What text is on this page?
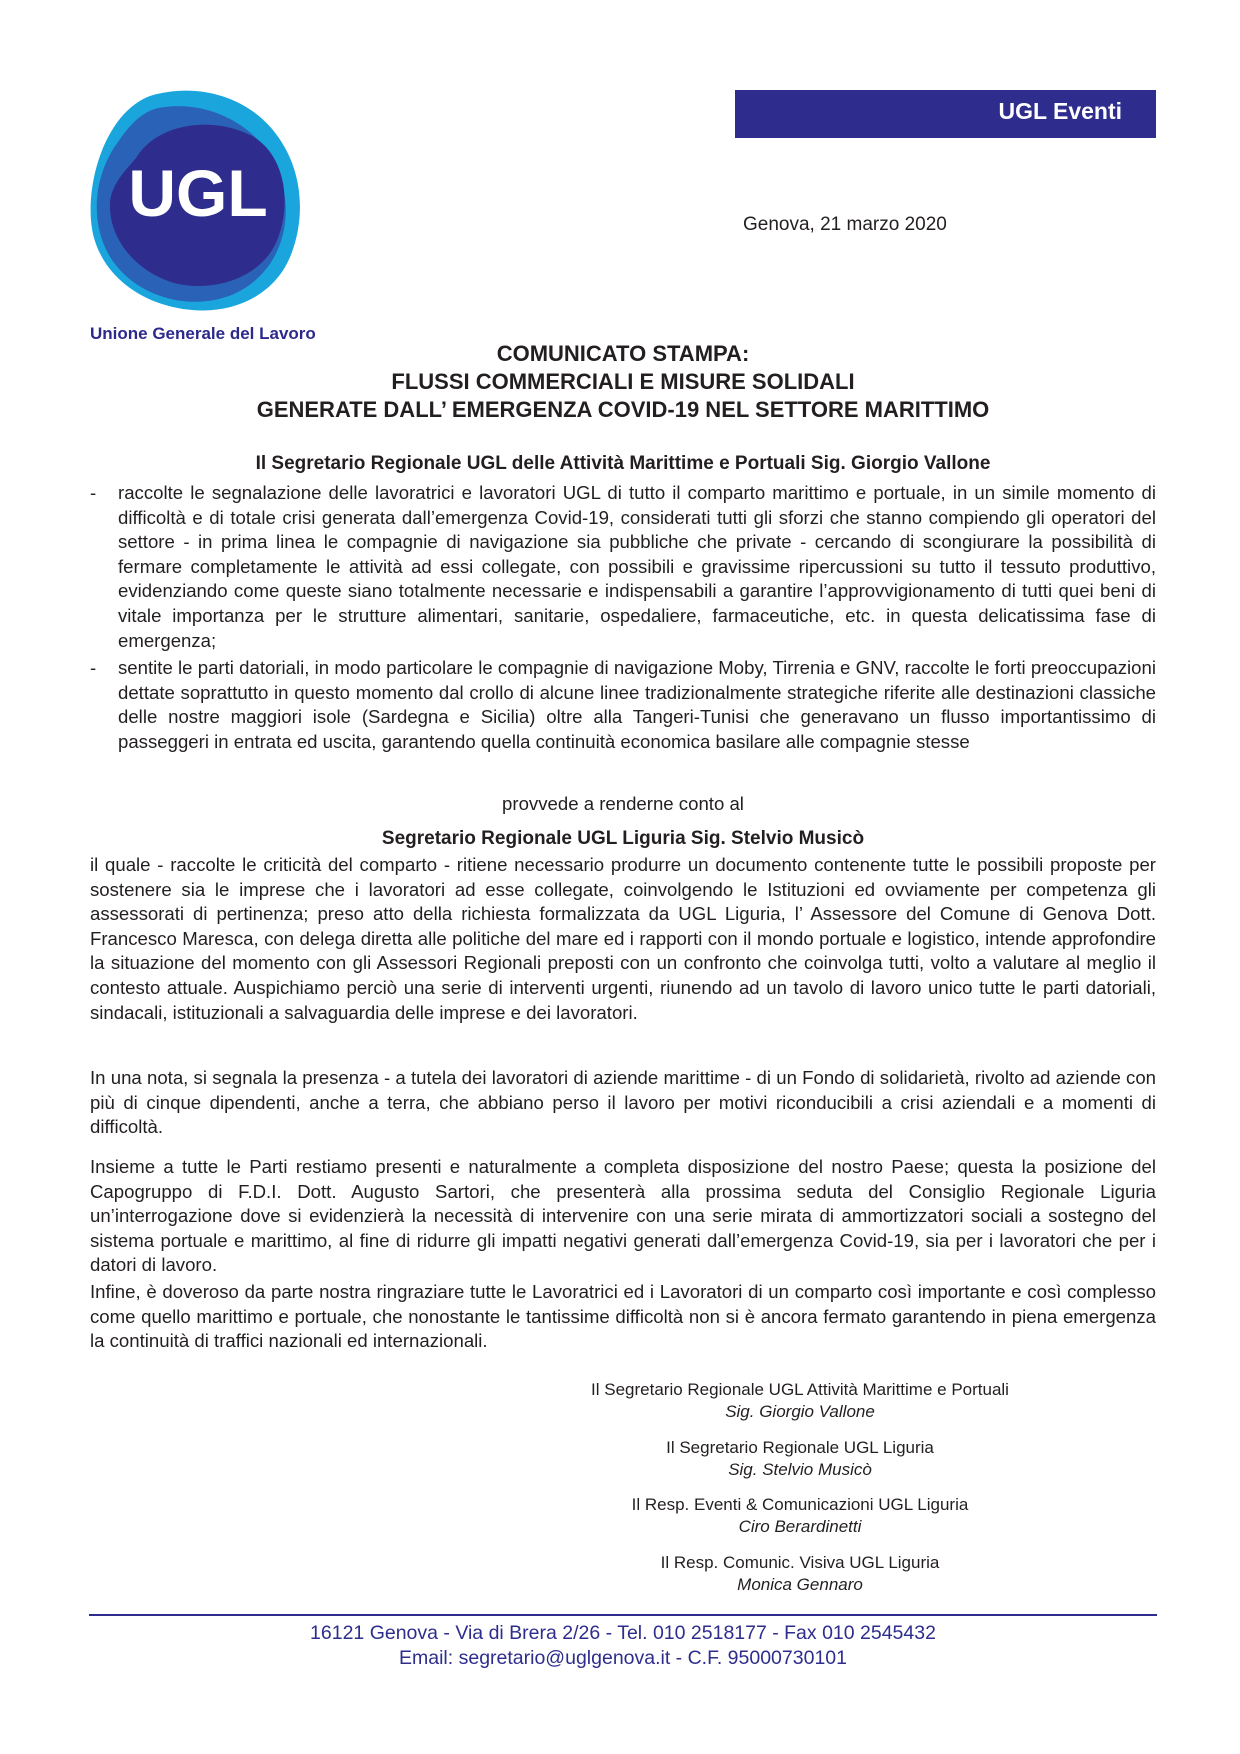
UGL
Unione Generale del Lavoro
UGL Eventi
Genova, 21 marzo 2020
COMUNICATO STAMPA:
FLUSSI COMMERCIALI E MISURE SOLIDALI
GENERATE DALL’ EMERGENZA COVID-19 NEL SETTORE MARITTIMO
Il Segretario Regionale UGL delle Attività Marittime e Portuali Sig. Giorgio Vallone
- raccolte le segnalazione delle lavoratrici e lavoratori UGL di tutto il comparto marittimo e portuale, in un simile momento di difficoltà e di totale crisi generata dall’emergenza Covid-19, considerati tutti gli sforzi che stanno compiendo gli operatori del settore - in prima linea le compagnie di navigazione sia pubbliche che private - cercando di scongiurare la possibilità di fermare completamente le attività ad essi collegate, con possibili e gravissime ripercussioni su tutto il tessuto produttivo, evidenziando come queste siano totalmente necessarie e indispensabili a garantire l’approvvigionamento di tutti quei beni di vitale importanza per le strutture alimentari, sanitarie, ospedaliere, farmaceutiche, etc. in questa delicatissima fase di emergenza;
- sentite le parti datoriali, in modo particolare le compagnie di navigazione Moby, Tirrenia e GNV, raccolte le forti preoccupazioni dettate soprattutto in questo momento dal crollo di alcune linee tradizionalmente strategiche riferite alle destinazioni classiche delle nostre maggiori isole (Sardegna e Sicilia) oltre alla Tangeri-Tunisi che generavano un flusso importantissimo di passeggeri in entrata ed uscita, garantendo quella continuità economica basilare alle compagnie stesse
provvede a renderne conto al
Segretario Regionale UGL Liguria Sig. Stelvio Musicò
il quale - raccolte le criticità del comparto - ritiene necessario produrre un documento contenente tutte le possibili proposte per sostenere sia le imprese che i lavoratori ad esse collegate, coinvolgendo le Istituzioni ed ovviamente per competenza gli assessorati di pertinenza; preso atto della richiesta formalizzata da UGL Liguria, l’ Assessore del Comune di Genova Dott. Francesco Maresca, con delega diretta alle politiche del mare ed i rapporti con il mondo portuale e logistico, intende approfondire la situazione del momento con gli Assessori Regionali preposti con un confronto che coinvolga tutti, volto a valutare al meglio il contesto attuale. Auspichiamo perciò una serie di interventi urgenti, riunendo ad un tavolo di lavoro unico tutte le parti datoriali, sindacali, istituzionali a salvaguardia delle imprese e dei lavoratori.
In una nota, si segnala la presenza - a tutela dei lavoratori di aziende marittime - di un Fondo di solidarietà, rivolto ad aziende con più di cinque dipendenti, anche a terra, che abbiano perso il lavoro per motivi riconducibili a crisi aziendali e a momenti di difficoltà.
Insieme a tutte le Parti restiamo presenti e naturalmente a completa disposizione del nostro Paese; questa la posizione del Capogruppo di F.D.I. Dott. Augusto Sartori, che presenterà alla prossima seduta del Consiglio Regionale Liguria un’interrogazione dove si evidenzierà la necessità di intervenire con una serie mirata di ammortizzatori sociali a sostegno del sistema portuale e marittimo, al fine di ridurre gli impatti negativi generati dall’emergenza Covid-19, sia per i lavoratori che per i datori di lavoro.
Infine, è doveroso da parte nostra ringraziare tutte le Lavoratrici ed i Lavoratori di un comparto così importante e così complesso come quello marittimo e portuale, che nonostante le tantissime difficoltà non si è ancora fermato garantendo in piena emergenza la continuità di traffici nazionali ed internazionali.
Il Segretario Regionale UGL Attività Marittime e Portuali
Sig. Giorgio Vallone
Il Segretario Regionale UGL Liguria
Sig. Stelvio Musicò
Il Resp. Eventi & Comunicazioni UGL Liguria
Ciro Berardinetti
Il Resp. Comunic. Visiva UGL Liguria
Monica Gennaro
16121 Genova - Via di Brera 2/26 - Tel. 010 2518177 - Fax 010 2545432
Email: segretario@uglgenova.it - C.F. 95000730101
